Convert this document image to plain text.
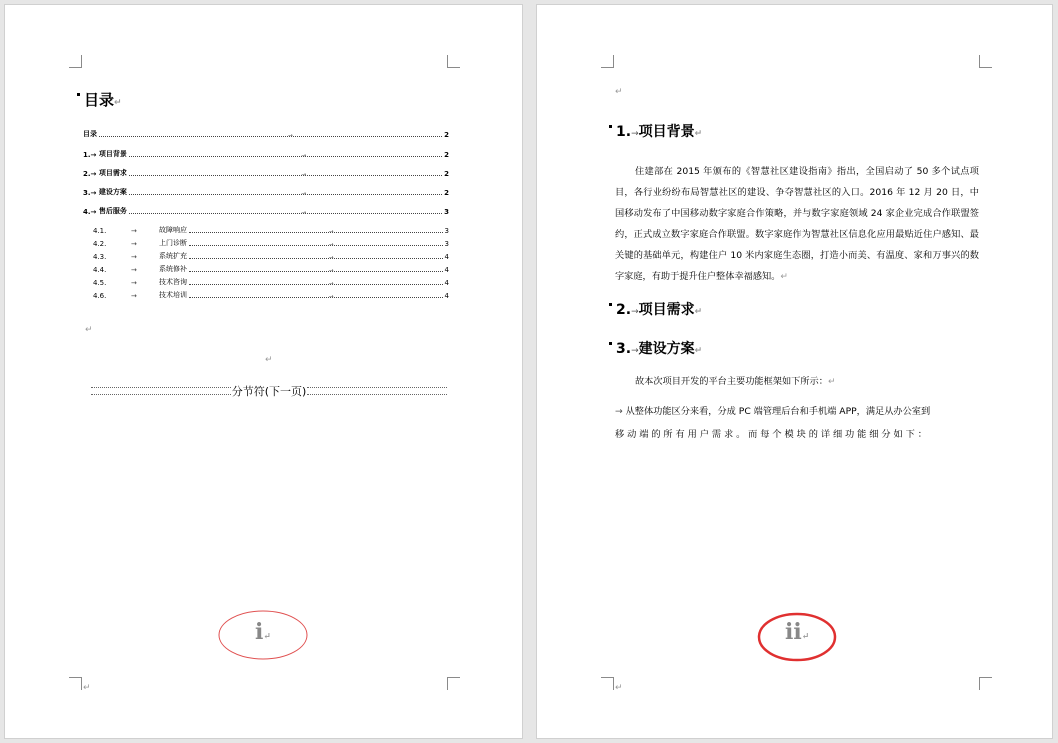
↵
目录↵
目录	→	2
1. → 项目背景	→	2
2. → 项目需求	→	2
3. → 建设方案	→	2
4. → 售后服务	→	3
4.1.	→	故障响应	→	3
4.2.	→	上门诊断	→	3
4.3.	→	系统扩充	→	4
4.4.	→	系统修补	→	4
4.5.	→	技术咨询	→	4
4.6.	→	技术培训	→	4
↵
↵
分节符(下一页)
i↵
↵
↵
1.→项目背景↵
住建部在 2015 年颁布的《智慧社区建设指南》指出，全国启动了 50 多个试点项目，各行业纷纷布局智慧社区的建设、争夺智慧社区的入口。2016 年 12 月 20 日，中国移动发布了中国移动数字家庭合作策略，并与数字家庭领域 24 家企业完成合作联盟签约，正式成立数字家庭合作联盟。数字家庭作为智慧社区信息化应用最贴近住户感知、最关键的基础单元，构建住户 10 米内家庭生态圈，打造小而美、有温度、家和万事兴的数字家庭，有助于提升住户整体幸福感知。↵
2.→项目需求↵
3.→建设方案↵
故本次项目开发的平台主要功能框架如下所示：↵
→ 从整体功能区分来看，分成 PC 端管理后台和手机端 APP，满足从办公室到
移 动 端 的 所 有 用 户 需 求 。 而 每 个 模 块 的 详 细 功 能 细 分 如 下 ：
ii↵
